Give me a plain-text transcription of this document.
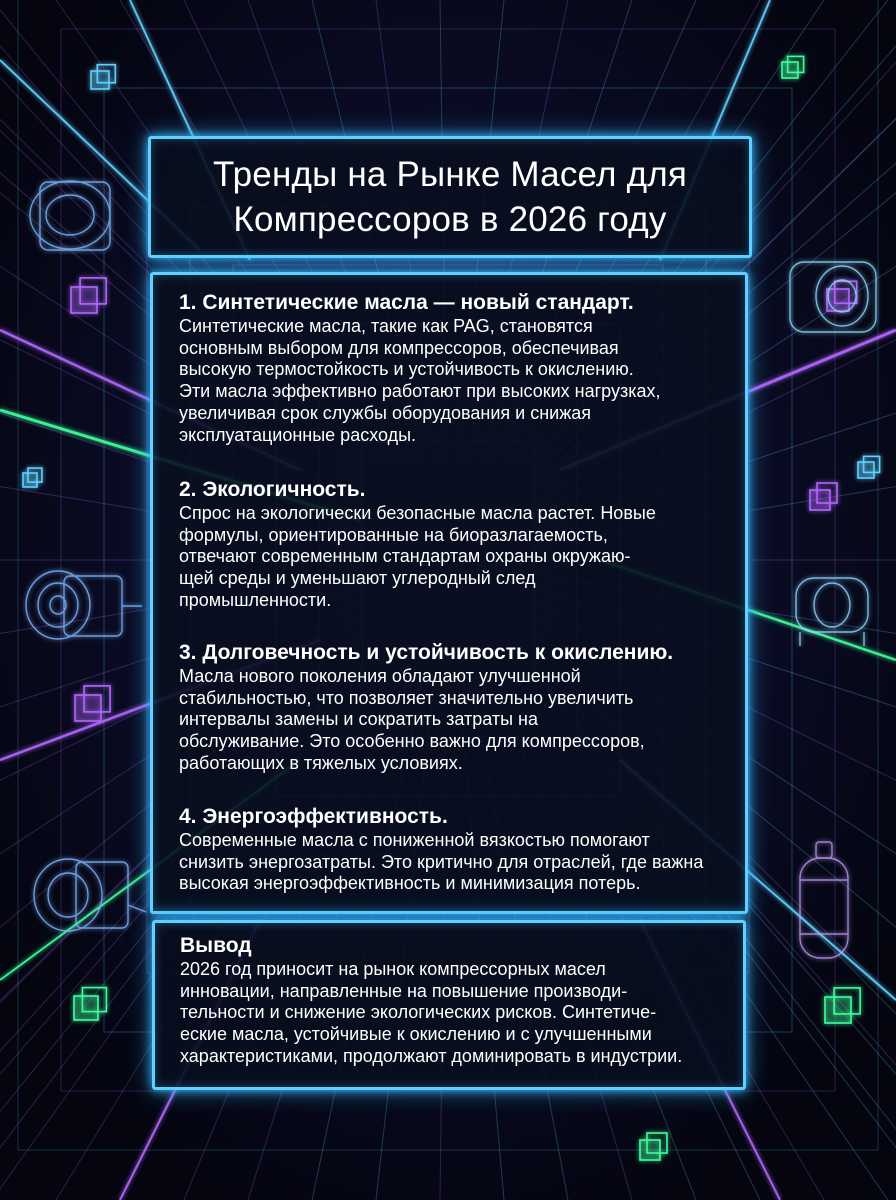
Тренды на Рынке Масел для
Компрессоров в 2026 году
1. Синтетические масла — новый стандарт.

Синтетические масла, такие как PAG, становятся
основным выбором для компрессоров, обеспечивая
высокую термостойкость и устойчивость к окислению.
Эти масла эффективно работают при высоких нагрузках,
увеличивая срок службы оборудования и снижая
эксплуатационные расходы.

2. Экологичность.

Спрос на экологически безопасные масла растет. Новые
формулы, ориентированные на биоразлагаемость,
отвечают современным стандартам охраны окружаю-
щей среды и уменьшают углеродный след
промышленности.

3. Долговечность и устойчивость к окислению.

Масла нового поколения обладают улучшенной
стабильностью, что позволяет значительно увеличить
интервалы замены и сократить затраты на
обслуживание. Это особенно важно для компрессоров,
работающих в тяжелых условиях.

4. Энергоэффективность.

Современные масла с пониженной вязкостью помогают
снизить энергозатраты. Это критично для отраслей, где важна
высокая энергоэффективность и минимизация потерь.

Вывод

2026 год приносит на рынок компрессорных масел
инновации, направленные на повышение производи-
тельности и снижение экологических рисков. Синтетиче-
еские масла, устойчивые к окислению и с улучшенными
характеристиками, продолжают доминировать в индустрии.
